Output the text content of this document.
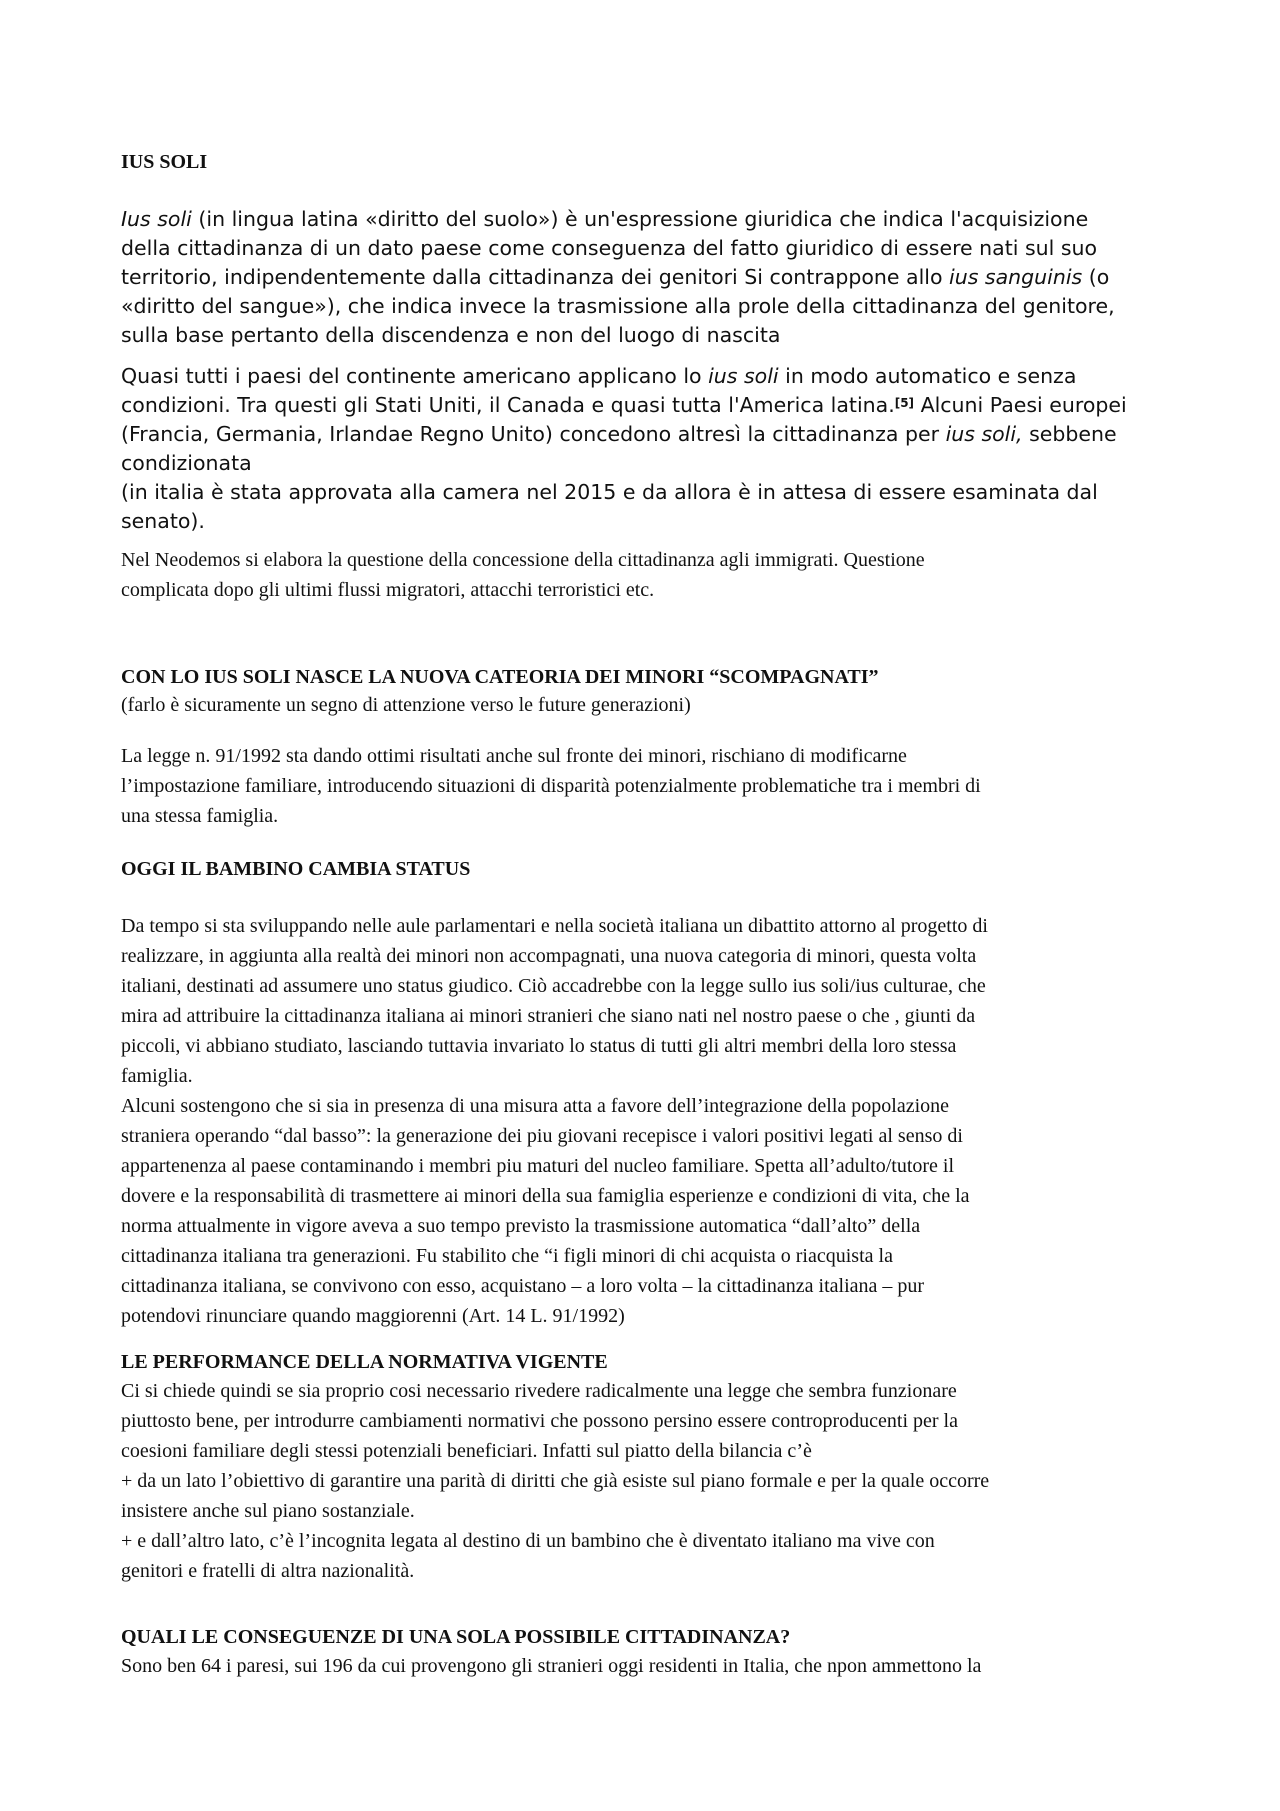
IUS SOLI

Ius soli (in lingua latina «diritto del suolo») è un'espressione giuridica che indica l'acquisizione
della cittadinanza di un dato paese come conseguenza del fatto giuridico di essere nati sul suo
territorio, indipendentemente dalla cittadinanza dei genitori Si contrappone allo ius sanguinis (o
«diritto del sangue»), che indica invece la trasmissione alla prole della cittadinanza del genitore,
sulla base pertanto della discendenza e non del luogo di nascita
Quasi tutti i paesi del continente americano applicano lo ius soli in modo automatico e senza
condizioni. Tra questi gli Stati Uniti, il Canada e quasi tutta l'America latina.[5] Alcuni Paesi europei
(Francia, Germania, Irlandae Regno Unito) concedono altresì la cittadinanza per ius soli, sebbene
condizionata
(in italia è stata approvata alla camera nel 2015 e da allora è in attesa di essere esaminata dal
senato).
Nel Neodemos si elabora la questione della concessione della cittadinanza agli immigrati. Questione
complicata dopo gli ultimi flussi migratori, attacchi terroristici etc.

CON LO IUS SOLI NASCE LA NUOVA CATEORIA DEI MINORI “SCOMPAGNATI”

(farlo è sicuramente un segno di attenzione verso le future generazioni)

La legge n. 91/1992 sta dando ottimi risultati anche sul fronte dei minori, rischiano di modificarne
l’impostazione familiare, introducendo situazioni di disparità potenzialmente problematiche tra i membri di
una stessa famiglia.

OGGI IL BAMBINO CAMBIA STATUS

Da tempo si sta sviluppando nelle aule parlamentari e nella società italiana un dibattito attorno al progetto di
realizzare, in aggiunta alla realtà dei minori non accompagnati, una nuova categoria di minori, questa volta
italiani, destinati ad assumere uno status giudico. Ciò accadrebbe con la legge sullo ius soli/ius culturae, che
mira ad attribuire la cittadinanza italiana ai minori stranieri che siano nati nel nostro paese o che , giunti da
piccoli, vi abbiano studiato, lasciando tuttavia invariato lo status di tutti gli altri membri della loro stessa
famiglia.
Alcuni sostengono che si sia in presenza di una misura atta a favore dell’integrazione della popolazione
straniera operando “dal basso”: la generazione dei piu giovani recepisce i valori positivi legati al senso di
appartenenza al paese contaminando i membri piu maturi del nucleo familiare. Spetta all’adulto/tutore il
dovere e la responsabilità di trasmettere ai minori della sua famiglia esperienze e condizioni di vita, che la
norma attualmente in vigore aveva a suo tempo previsto la trasmissione automatica “dall’alto” della
cittadinanza italiana tra generazioni. Fu stabilito che “i figli minori di chi acquista o riacquista la
cittadinanza italiana, se convivono con esso, acquistano – a loro volta – la cittadinanza italiana – pur
potendovi rinunciare quando maggiorenni (Art. 14 L. 91/1992)

LE PERFORMANCE DELLA NORMATIVA VIGENTE

Ci si chiede quindi se sia proprio cosi necessario rivedere radicalmente una legge che sembra funzionare
piuttosto bene, per introdurre cambiamenti normativi che possono persino essere controproducenti per la
coesioni familiare degli stessi potenziali beneficiari. Infatti sul piatto della bilancia c’è
+ da un lato l’obiettivo di garantire una parità di diritti che già esiste sul piano formale e per la quale occorre
insistere anche sul piano sostanziale.
+ e dall’altro lato, c’è l’incognita legata al destino di un bambino che è diventato italiano ma vive con
genitori e fratelli di altra nazionalità.

QUALI LE CONSEGUENZE DI UNA SOLA POSSIBILE CITTADINANZA?

Sono ben 64 i paresi, sui 196 da cui provengono gli stranieri oggi residenti in Italia, che npon ammettono la
